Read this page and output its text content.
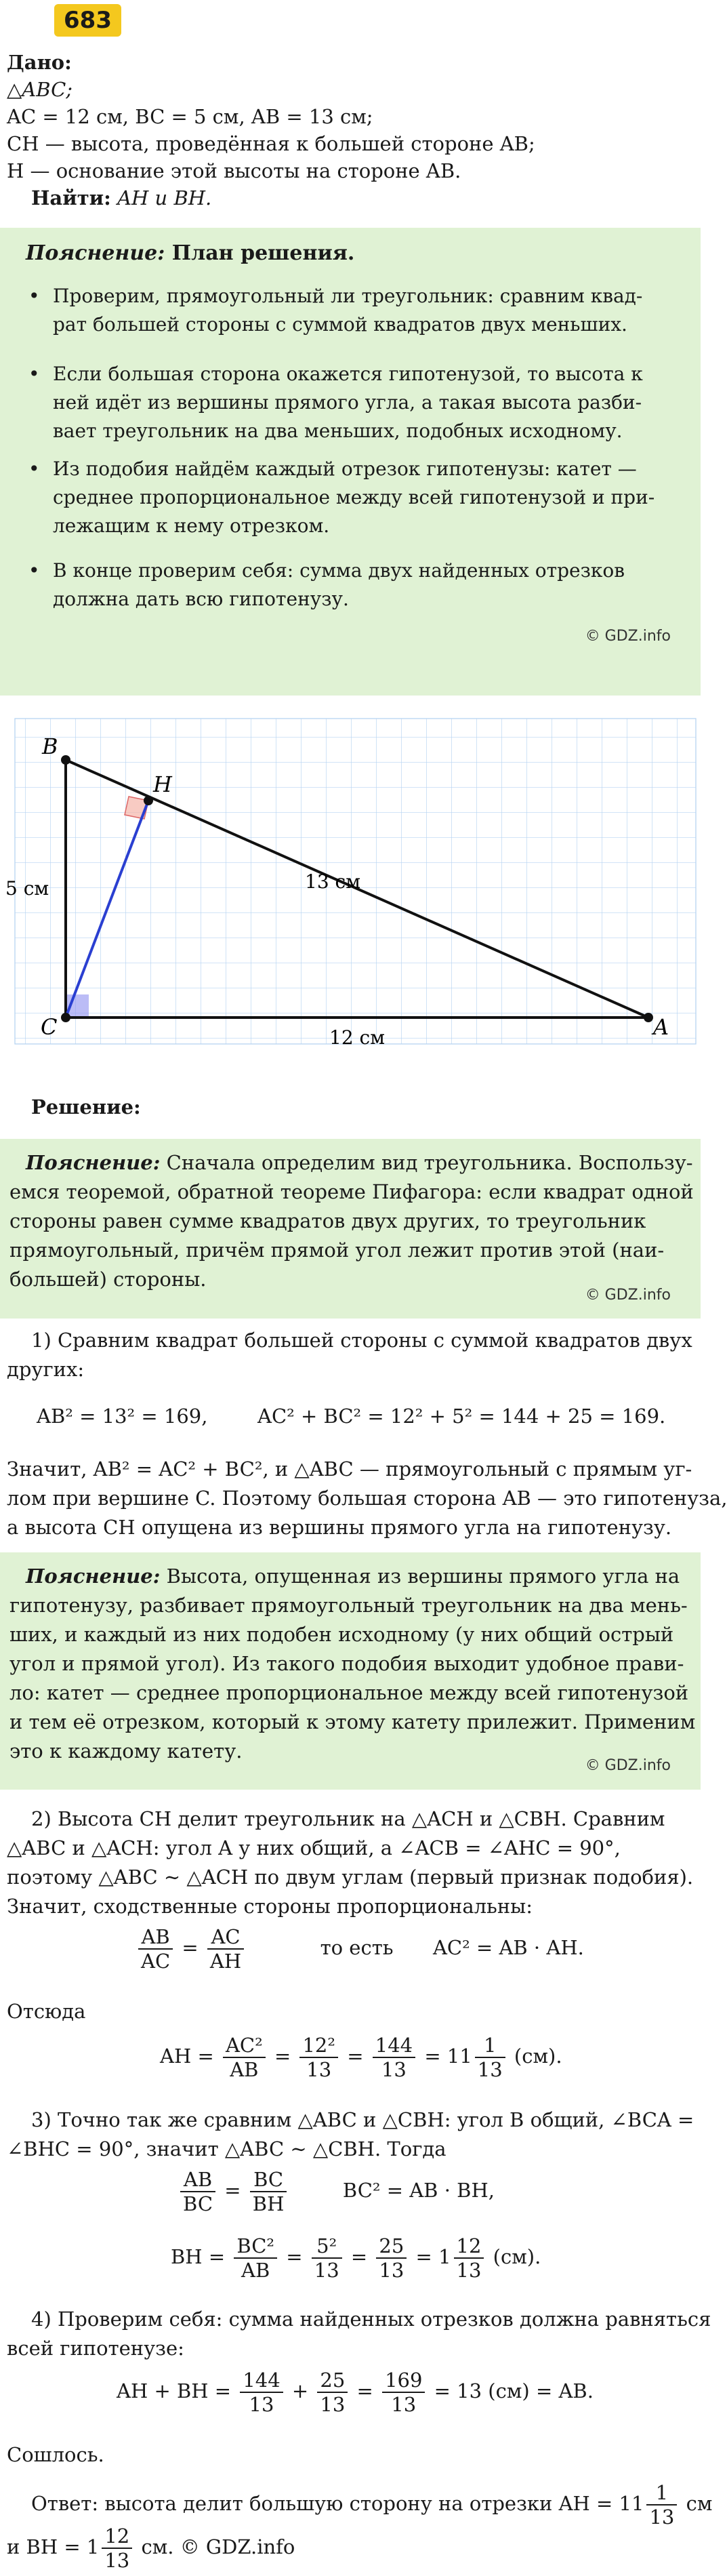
683
Дано:
△ABC;
AC = 12 см, BC = 5 см, AB = 13 см;
CH — высота, проведённая к большей стороне AB;
H — основание этой высоты на стороне AB.
Найти: AH и BH.
Пояснение: План решения.
• Проверим, прямоугольный ли треугольник: сравним квад-
рат большей стороны с суммой квадратов двух меньших.
• Если большая сторона окажется гипотенузой, то высота к
ней идёт из вершины прямого угла, а такая высота разби-
вает треугольник на два меньших, подобных исходному.
• Из подобия найдём каждый отрезок гипотенузы: катет —
среднее пропорциональное между всей гипотенузой и при-
лежащим к нему отрезком.
• В конце проверим себя: сумма двух найденных отрезков
должна дать всю гипотенузу.
© GDZ.info
B
H
C	A
5 см	13 см
12 см
Решение:
Пояснение: Сначала определим вид треугольника. Воспользу-
емся теоремой, обратной теореме Пифагора: если квадрат одной
стороны равен сумме квадратов двух других, то треугольник
прямоугольный, причём прямой угол лежит против этой (наи-
большей) стороны.
© GDZ.info
1) Сравним квадрат большей стороны с суммой квадратов двух
других:
AB² = 13² = 169,	AC² + BC² = 12² + 5² = 144 + 25 = 169.
Значит, AB² = AC² + BC², и △ABC — прямоугольный с прямым уг-
лом при вершине C. Поэтому большая сторона AB — это гипотенуза,
а высота CH опущена из вершины прямого угла на гипотенузу.
Пояснение: Высота, опущенная из вершины прямого угла на
гипотенузу, разбивает прямоугольный треугольник на два мень-
ших, и каждый из них подобен исходному (у них общий острый
угол и прямой угол). Из такого подобия выходит удобное прави-
ло: катет — среднее пропорциональное между всей гипотенузой
и тем её отрезком, который к этому катету прилежит. Применим
это к каждому катету.
© GDZ.info
2) Высота CH делит треугольник на △ACH и △CBH. Сравним
△ABC и △ACH: угол A у них общий, а ∠ACB = ∠AHC = 90°,
поэтому △ABC ∼ △ACH по двум углам (первый признак подобия).
Значит, сходственные стороны пропорциональны:
$\frac{AB}{AC} = \frac{AC}{AH}$	то есть AC² = AB · AH.
Отсюда
AH = $\frac{\text{AC²}}{AB} = \frac{\text{12²}}{13} = \frac{144}{13} = 11 \frac{1}{13} (см)$.
3) Точно так же сравним △ABC и △CBH: угол B общий, ∠BCA =
∠BHC = 90°, значит △ABC ∼ △CBH. Тогда
$\frac{AB}{BC} = \frac{BC}{BH}$	BC² = AB · BH,
BH = $\frac{\text{BC²}}{AB} = \frac{\text{5²}}{13} = \frac{25}{13} = 1 \frac{12}{13} (см)$.
4) Проверим себя: сумма найденных отрезков должна равняться
всей гипотенузе:
AH + BH = $\frac{144}{13} + \frac{25}{13} = \frac{169}{13} = 13$ (см) = AB.
Сошлось.
Ответ: высота делит большую сторону на отрезки AH = $11 \frac{1}{13}$ см
и BH = $1 \frac{12}{13}$ см. © GDZ.info
